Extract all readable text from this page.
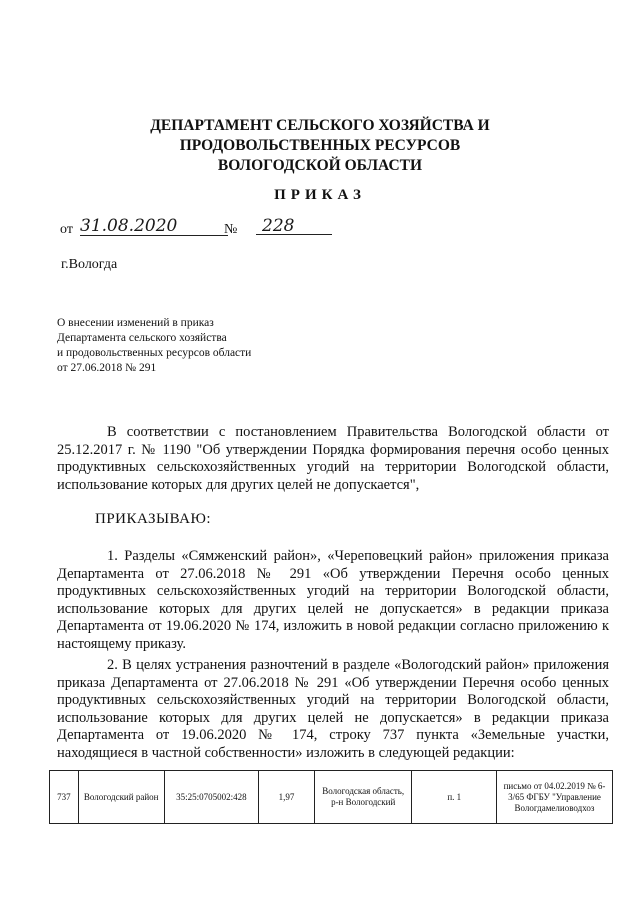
ДЕПАРТАМЕНТ СЕЛЬСКОГО ХОЗЯЙСТВА И
ПРОДОВОЛЬСТВЕННЫХ РЕСУРСОВ
ВОЛОГОДСКОЙ ОБЛАСТИ
ПРИКАЗ
от 31.08.2020	№	228
г.Вологда
О внесении изменений в приказ
Департамента сельского хозяйства
и продовольственных ресурсов области
от 27.06.2018 № 291
В соответствии с постановлением Правительства Вологодской области от 25.12.2017 г. № 1190 "Об утверждении Порядка формирования перечня особо ценных продуктивных сельскохозяйственных угодий на территории Вологодской области, использование которых для других целей не допускается",
ПРИКАЗЫВАЮ:
1. Разделы «Сямженский район», «Череповецкий район» приложения приказа Департамента от 27.06.2018 № 291 «Об утверждении Перечня особо ценных продуктивных сельскохозяйственных угодий на территории Вологодской области, использование которых для других целей не допускается» в редакции приказа Департамента от 19.06.2020 № 174, изложить в новой редакции согласно приложению к настоящему приказу.
2. В целях устранения разночтений в разделе «Вологодский район» приложения приказа Департамента от 27.06.2018 № 291 «Об утверждении Перечня особо ценных продуктивных сельскохозяйственных угодий на территории Вологодской области, использование которых для других целей не допускается» в редакции приказа Департамента от 19.06.2020 № 174, строку 737 пункта «Земельные участки, находящиеся в частной собственности» изложить в следующей редакции:
737	Вологодский район	35:25:0705002:428	1,97	Вологодская область, р-н Вологодский	п. 1	письмо от 04.02.2019 № 6-3/65 ФГБУ "Управление Вологдамелиоводхоз
